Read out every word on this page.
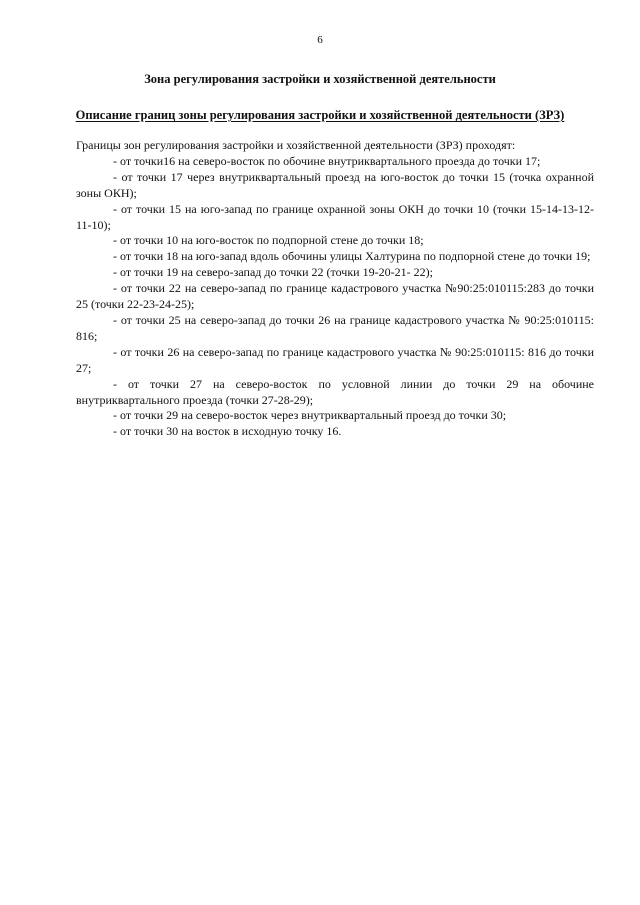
6
Зона регулирования застройки и хозяйственной деятельности
Описание границ зоны регулирования застройки и хозяйственной деятельности (ЗРЗ)

Границы зон регулирования застройки и хозяйственной деятельности (ЗРЗ) проходят:

- от точки16 на северо-восток по обочине внутриквартального проезда до точки 17;

- от точки 17 через внутриквартальный проезд на юго-восток до точки 15 (точка охранной зоны ОКН);

- от точки 15 на юго-запад по границе охранной зоны ОКН до точки 10 (точки 15-14-13-12-11-10);

- от точки 10 на юго-восток по подпорной стене до точки 18;

- от точки 18 на юго-запад вдоль обочины улицы Халтурина по подпорной стене до точки 19;

- от точки 19 на северо-запад до точки 22 (точки 19-20-21- 22);

- от точки 22 на северо-запад по границе кадастрового участка №90:25:010115:283 до точки 25 (точки 22-23-24-25);

- от точки 25 на северо-запад до точки 26 на границе кадастрового участка № 90:25:010115: 816;

- от точки 26 на северо-запад по границе кадастрового участка № 90:25:010115: 816 до точки 27;

- от точки 27 на северо-восток по условной линии до точки 29 на обочине внутриквартального проезда (точки 27-28-29);

- от точки 29 на северо-восток через внутриквартальный проезд до точки 30;

- от точки 30 на восток в исходную точку 16.
